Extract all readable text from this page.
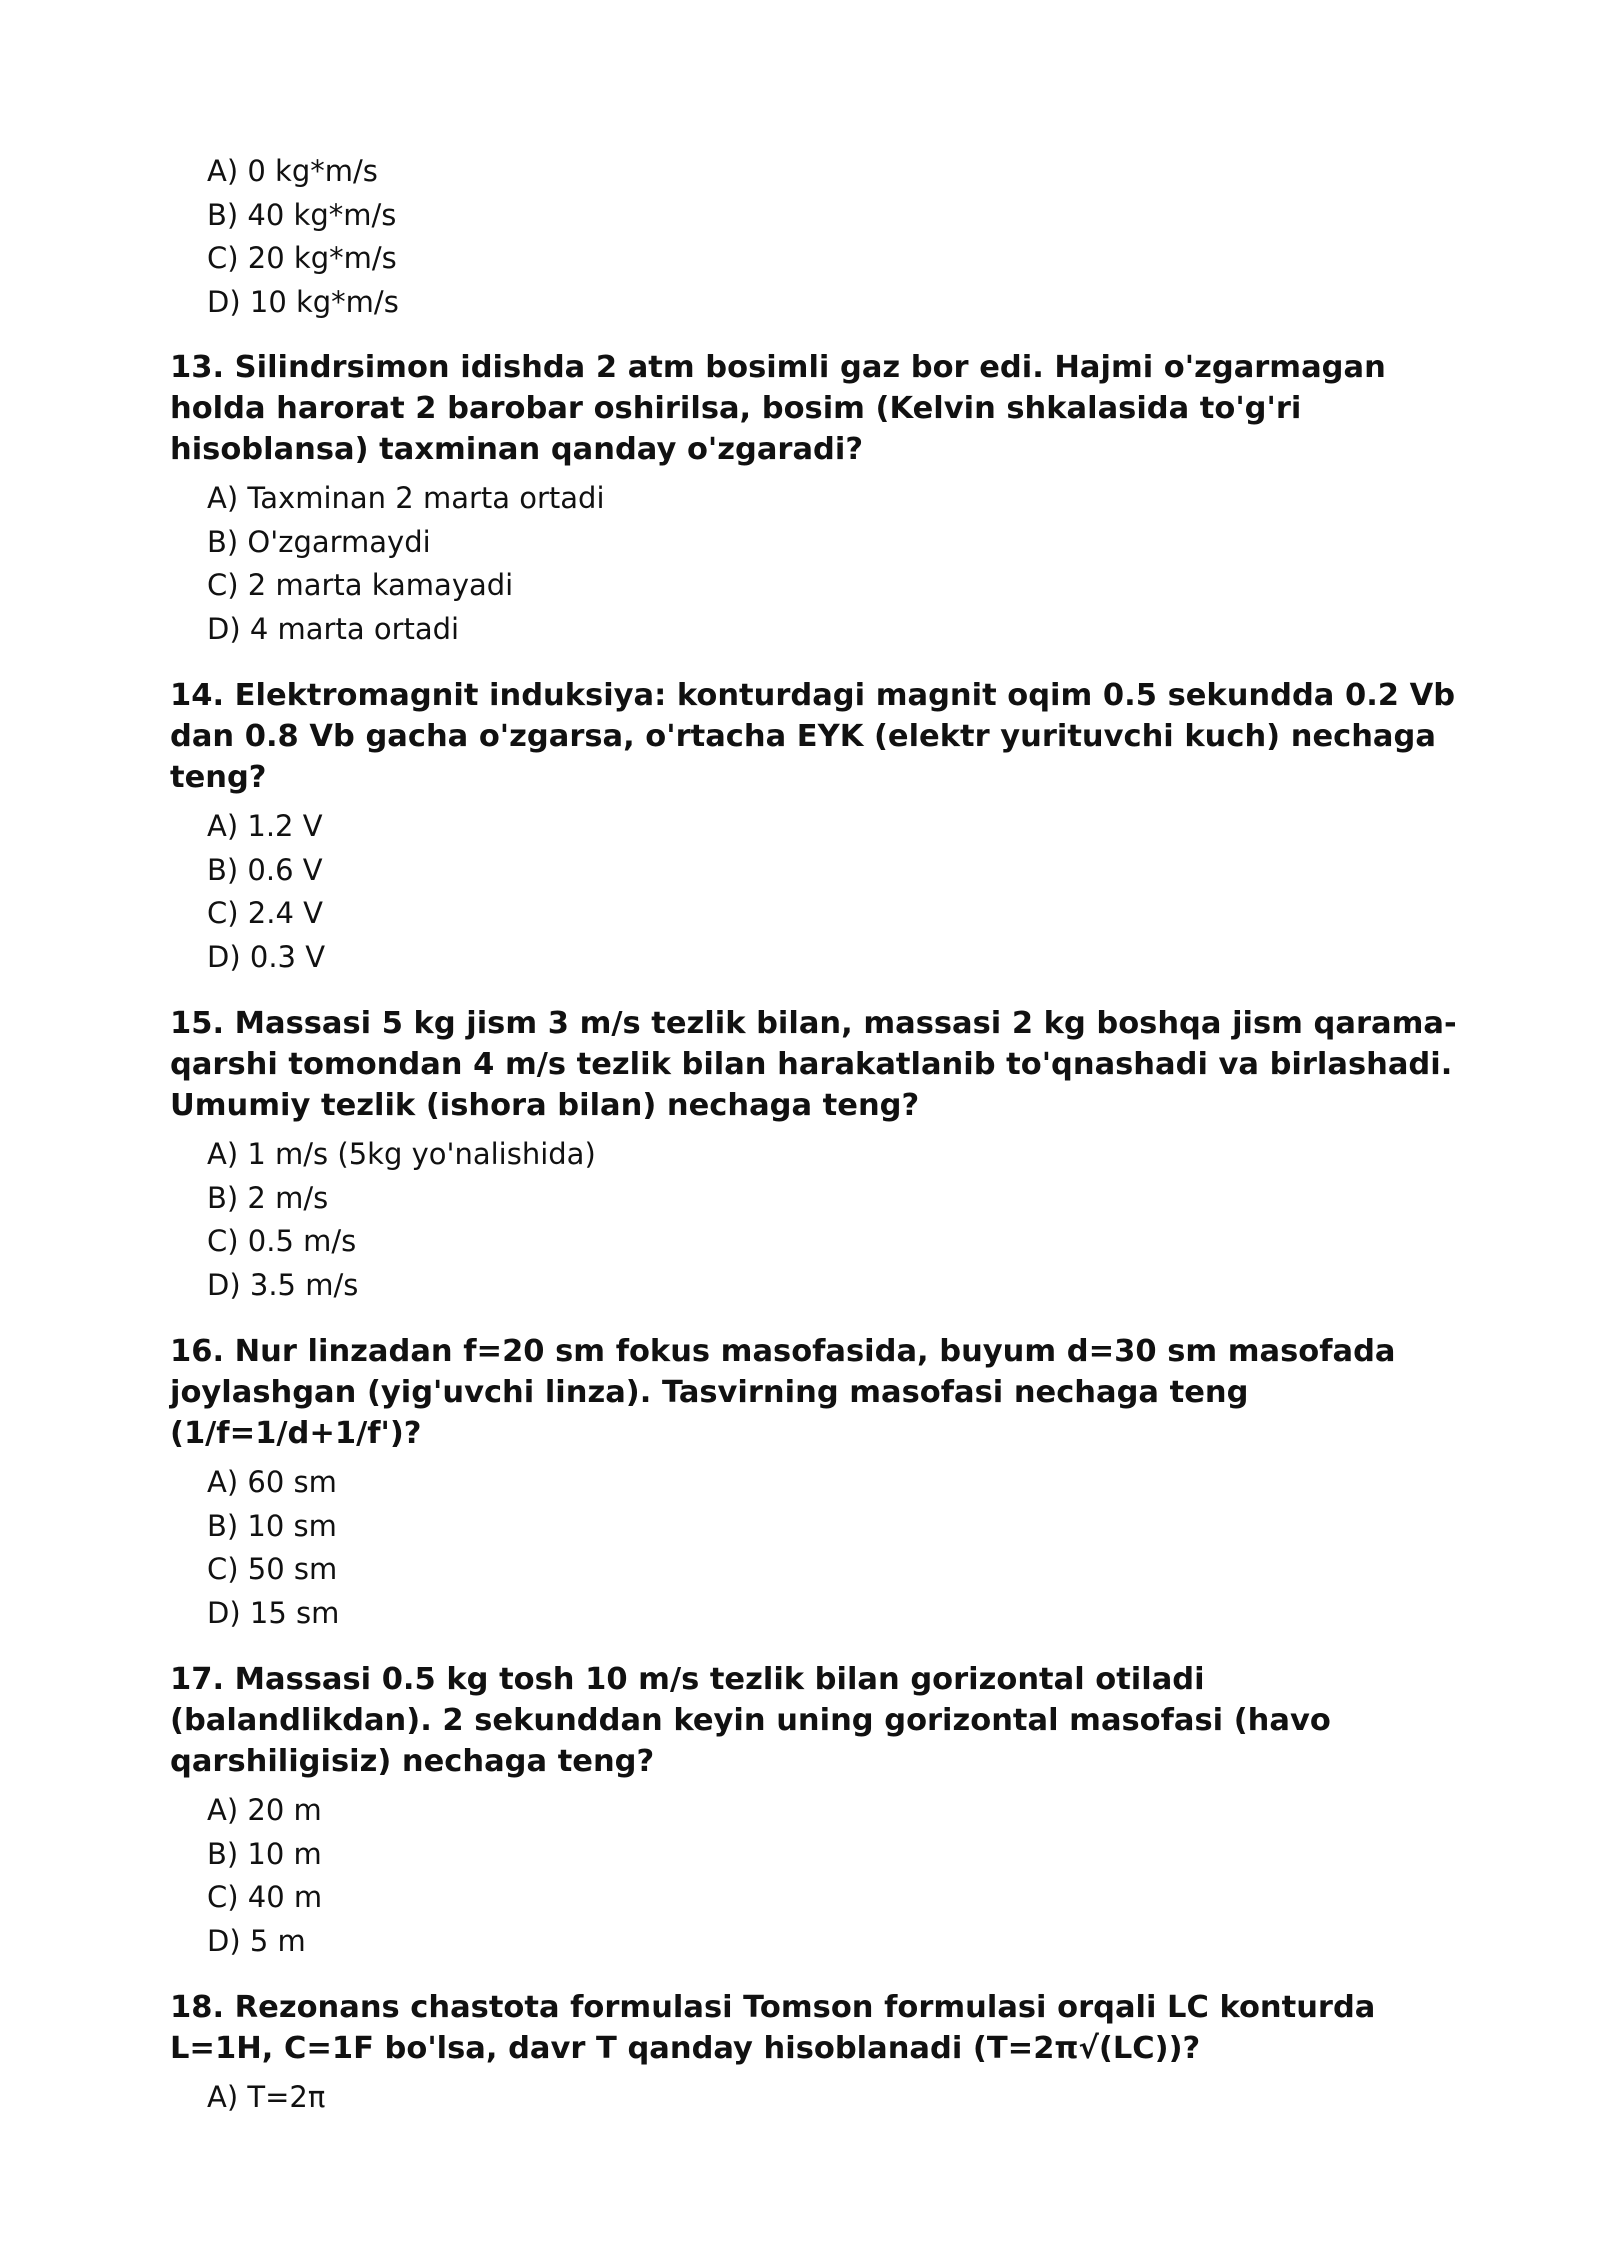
A) 0 kg*m/s
B) 40 kg*m/s
C) 20 kg*m/s
D) 10 kg*m/s

13. Silindrsimon idishda 2 atm bosimli gaz bor edi. Hajmi o'zgarmagan holda harorat 2 barobar oshirilsa, bosim (Kelvin shkalasida to'g'ri hisoblansa) taxminan qanday o'zgaradi?

A) Taxminan 2 marta ortadi
B) O'zgarmaydi
C) 2 marta kamayadi
D) 4 marta ortadi

14. Elektromagnit induksiya: konturdagi magnit oqim 0.5 sekundda 0.2 Vb dan 0.8 Vb gacha o'zgarsa, o'rtacha EYK (elektr yurituvchi kuch) nechaga teng?

A) 1.2 V
B) 0.6 V
C) 2.4 V
D) 0.3 V

15. Massasi 5 kg jism 3 m/s tezlik bilan, massasi 2 kg boshqa jism qarama-qarshi tomondan 4 m/s tezlik bilan harakatlanib to'qnashadi va birlashadi. Umumiy tezlik (ishora bilan) nechaga teng?

A) 1 m/s (5kg yo'nalishida)
B) 2 m/s
C) 0.5 m/s
D) 3.5 m/s

16. Nur linzadan f=20 sm fokus masofasida, buyum d=30 sm masofada joylashgan (yig'uvchi linza). Tasvirning masofasi nechaga teng (1/f=1/d+1/f')?

A) 60 sm
B) 10 sm
C) 50 sm
D) 15 sm

17. Massasi 0.5 kg tosh 10 m/s tezlik bilan gorizontal otiladi (balandlikdan). 2 sekunddan keyin uning gorizontal masofasi (havo qarshiligisiz) nechaga teng?

A) 20 m
B) 10 m
C) 40 m
D) 5 m

18. Rezonans chastota formulasi Tomson formulasi orqali LC konturda L=1H, C=1F bo'lsa, davr T qanday hisoblanadi (T=2π√(LC))?

A) T=2π
